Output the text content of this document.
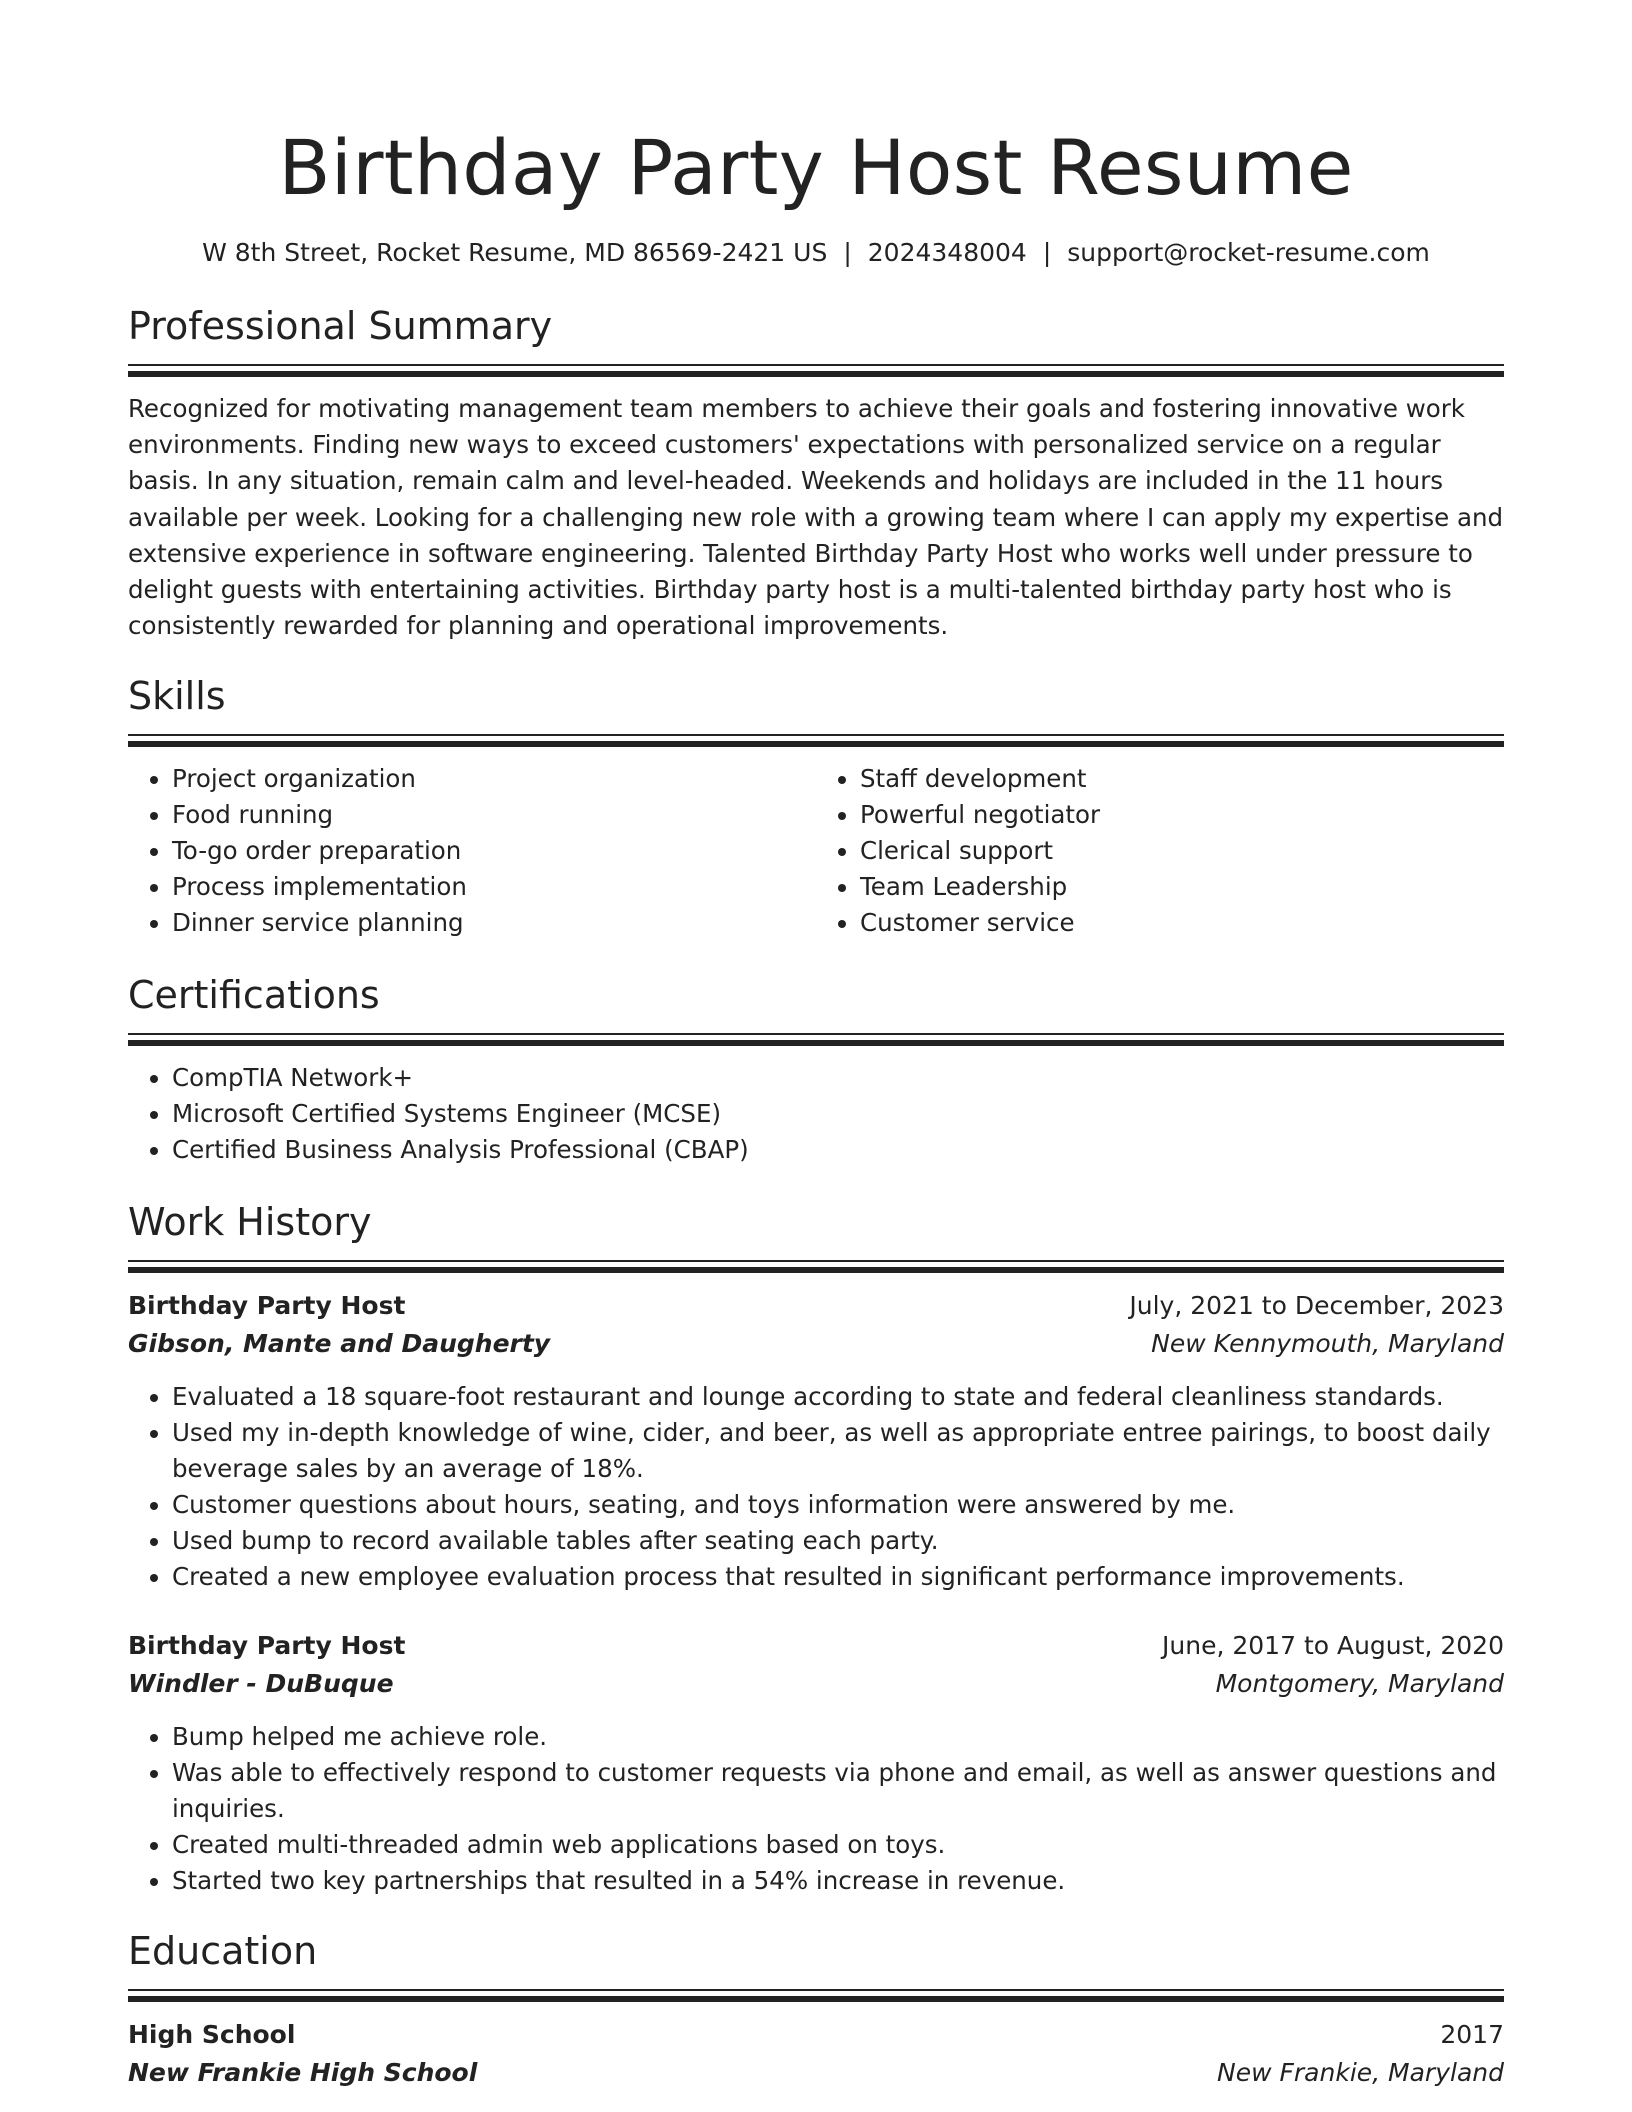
Birthday Party Host Resume
W 8th Street, Rocket Resume, MD 86569-2421 US | 2024348004 | support@rocket-resume.com
Professional Summary
Recognized for motivating management team members to achieve their goals and fostering innovative work environments. Finding new ways to exceed customers' expectations with personalized service on a regular basis. In any situation, remain calm and level-headed. Weekends and holidays are included in the 11 hours available per week. Looking for a challenging new role with a growing team where I can apply my expertise and extensive experience in software engineering. Talented Birthday Party Host who works well under pressure to delight guests with entertaining activities. Birthday party host is a multi-talented birthday party host who is consistently rewarded for planning and operational improvements.
Skills
• Project organization
• Food running
• To-go order preparation
• Process implementation
• Dinner service planning
• Staff development
• Powerful negotiator
• Clerical support
• Team Leadership
• Customer service
Certifications
• CompTIA Network+
• Microsoft Certified Systems Engineer (MCSE)
• Certified Business Analysis Professional (CBAP)
Work History
Birthday Party Host	July, 2021 to December, 2023
Gibson, Mante and Daugherty	New Kennymouth, Maryland
• Evaluated a 18 square-foot restaurant and lounge according to state and federal cleanliness standards.
• Used my in-depth knowledge of wine, cider, and beer, as well as appropriate entree pairings, to boost daily beverage sales by an average of 18%.
• Customer questions about hours, seating, and toys information were answered by me.
• Used bump to record available tables after seating each party.
• Created a new employee evaluation process that resulted in significant performance improvements.
Birthday Party Host	June, 2017 to August, 2020
Windler - DuBuque	Montgomery, Maryland
• Bump helped me achieve role.
• Was able to effectively respond to customer requests via phone and email, as well as answer questions and inquiries.
• Created multi-threaded admin web applications based on toys.
• Started two key partnerships that resulted in a 54% increase in revenue.
Education
High School	2017
New Frankie High School	New Frankie, Maryland
